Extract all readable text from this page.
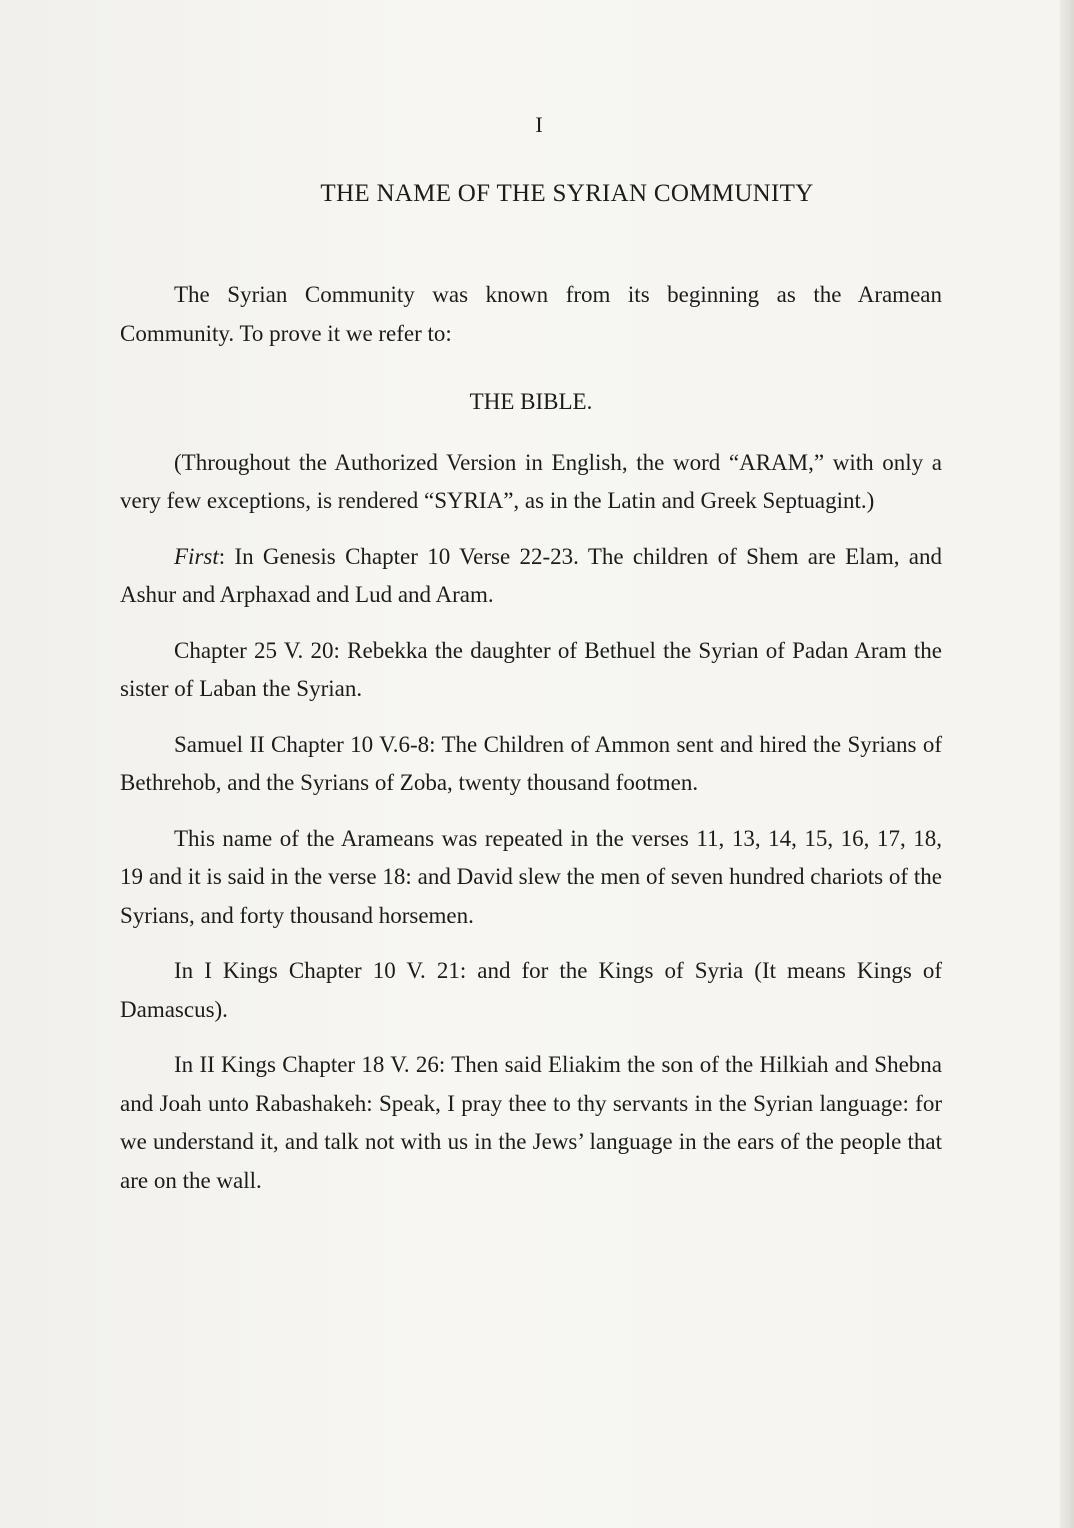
I
THE NAME OF THE SYRIAN COMMUNITY

The Syrian Community was known from its beginning as the Aramean Community. To prove it we refer to:

THE BIBLE.

(Throughout the Authorized Version in English, the word “ARAM,” with only a very few exceptions, is rendered “SYRIA”, as in the Latin and Greek Septuagint.)

First: In Genesis Chapter 10 Verse 22-23. The children of Shem are Elam, and Ashur and Arphaxad and Lud and Aram.

Chapter 25 V. 20: Rebekka the daughter of Bethuel the Syrian of Padan Aram the sister of Laban the Syrian.

Samuel II Chapter 10 V.6-8: The Children of Ammon sent and hired the Syrians of Bethrehob, and the Syrians of Zoba, twenty thousand footmen.

This name of the Arameans was repeated in the verses 11, 13, 14, 15, 16, 17, 18, 19 and it is said in the verse 18: and David slew the men of seven hundred chariots of the Syrians, and forty thousand horsemen.

In I Kings Chapter 10 V. 21: and for the Kings of Syria (It means Kings of Damascus).

In II Kings Chapter 18 V. 26: Then said Eliakim the son of the Hilkiah and Shebna and Joah unto Rabashakeh: Speak, I pray thee to thy servants in the Syrian language: for we understand it, and talk not with us in the Jews’ language in the ears of the people that are on the wall.
